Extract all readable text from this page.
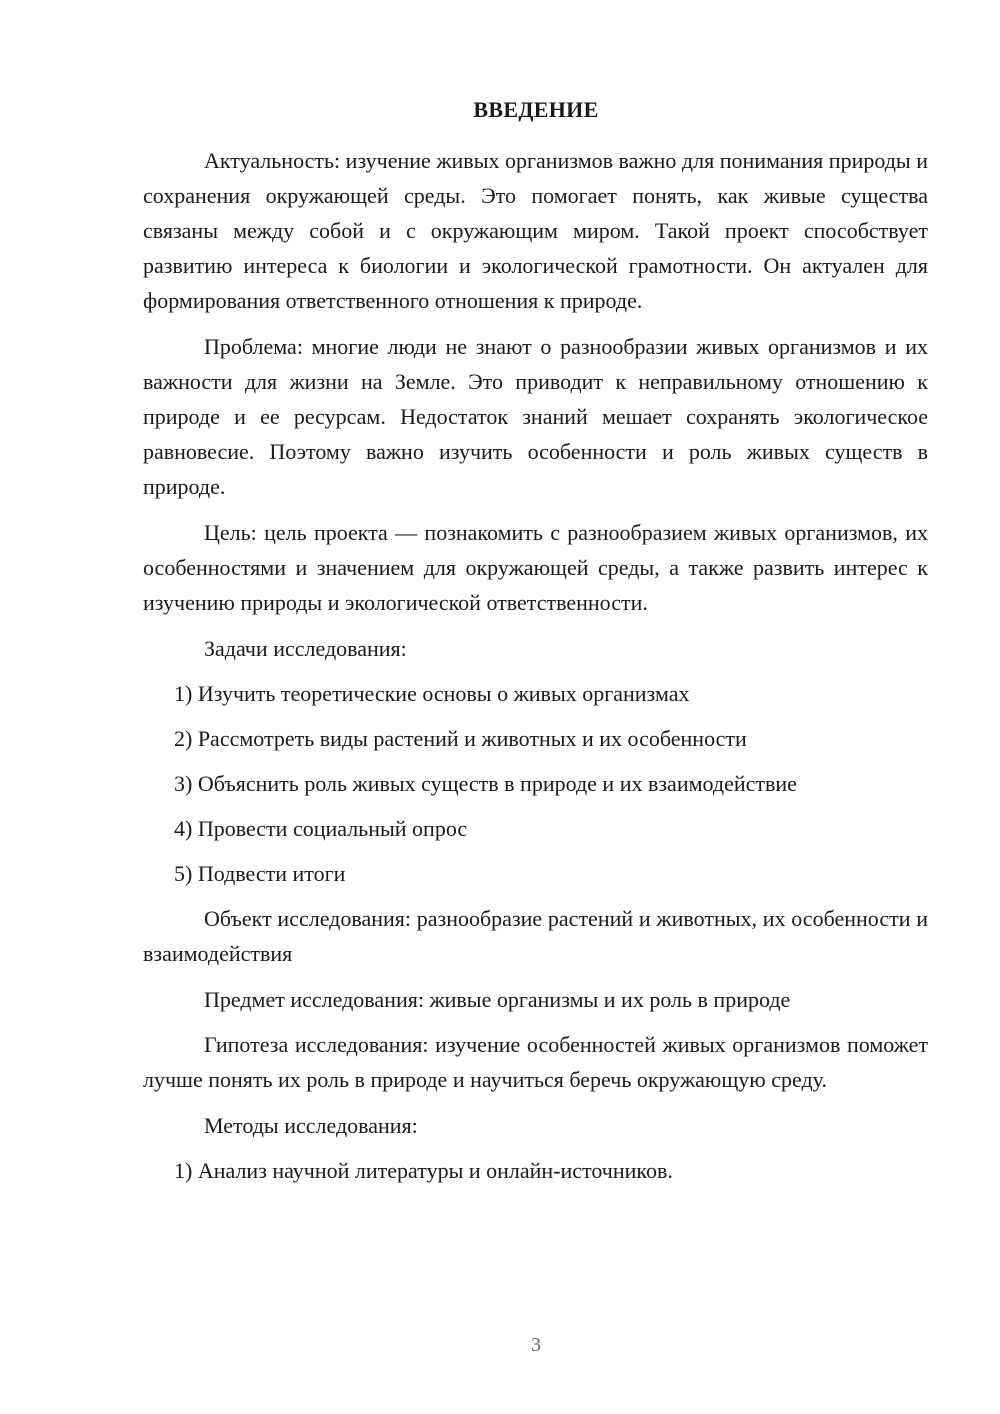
ВВЕДЕНИЕ

Актуальность: изучение живых организмов важно для понимания природы и сохранения окружающей среды. Это помогает понять, как живые существа связаны между собой и с окружающим миром. Такой проект способствует развитию интереса к биологии и экологической грамотности. Он актуален для формирования ответственного отношения к природе.

Проблема: многие люди не знают о разнообразии живых организмов и их важности для жизни на Земле. Это приводит к неправильному отношению к природе и ее ресурсам. Недостаток знаний мешает сохранять экологическое равновесие. Поэтому важно изучить особенности и роль живых существ в природе.

Цель: цель проекта — познакомить с разнообразием живых организмов, их особенностями и значением для окружающей среды, а также развить интерес к изучению природы и экологической ответственности.

Задачи исследования:

1) Изучить теоретические основы о живых организмах
2) Рассмотреть виды растений и животных и их особенности
3) Объяснить роль живых существ в природе и их взаимодействие
4) Провести социальный опрос
5) Подвести итоги

Объект исследования: разнообразие растений и животных, их особенности и взаимодействия

Предмет исследования: живые организмы и их роль в природе

Гипотеза исследования: изучение особенностей живых организмов поможет лучше понять их роль в природе и научиться беречь окружающую среду.

Методы исследования:

1) Анализ научной литературы и онлайн-источников.
3
